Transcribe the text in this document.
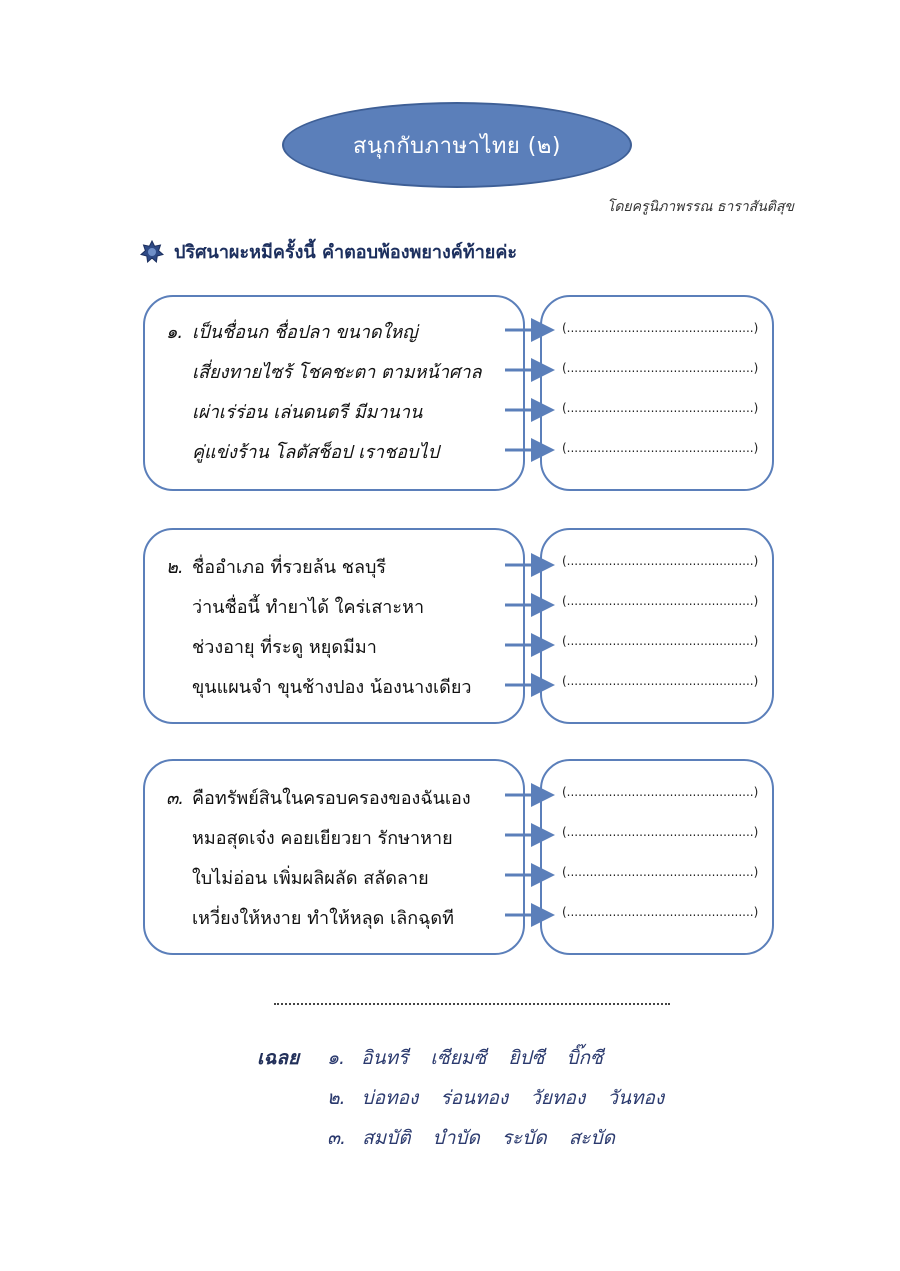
สนุกกับภาษาไทย (๒)
โดยครูนิภาพรรณ ธาราสันติสุข
ปริศนาผะหมีครั้งนี้ คำตอบพ้องพยางค์ท้ายค่ะ
๑. เป็นชื่อนก ชื่อปลา ขนาดใหญ่
เสี่ยงทายไซร้ โชคชะตา ตามหน้าศาล
เผ่าเร่ร่อน เล่นดนตรี มีมานาน
คู่แข่งร้าน โลตัสช็อป เราชอบไป
(.................................................)
(.................................................)
(.................................................)
(.................................................)
๒. ชื่ออำเภอ ที่รวยล้น ชลบุรี
ว่านชื่อนี้ ทำยาได้ ใคร่เสาะหา
ช่วงอายุ ที่ระดู หยุดมีมา
ขุนแผนจำ ขุนช้างปอง น้องนางเดียว
(.................................................)
(.................................................)
(.................................................)
(.................................................)
๓. คือทรัพย์สินในครอบครองของฉันเอง
หมอสุดเจ๋ง คอยเยียวยา รักษาหาย
ใบไม่อ่อน เพิ่มผลิผลัด สลัดลาย
เหวี่ยงให้หงาย ทำให้หลุด เลิกฉุดที
(.................................................)
(.................................................)
(.................................................)
(.................................................)
เฉลย ๑. อินทรี เซียมซี ยิปซี บิ๊กซี
๒. บ่อทอง ร่อนทอง วัยทอง วันทอง
๓. สมบัติ บำบัด ระบัด สะบัด
